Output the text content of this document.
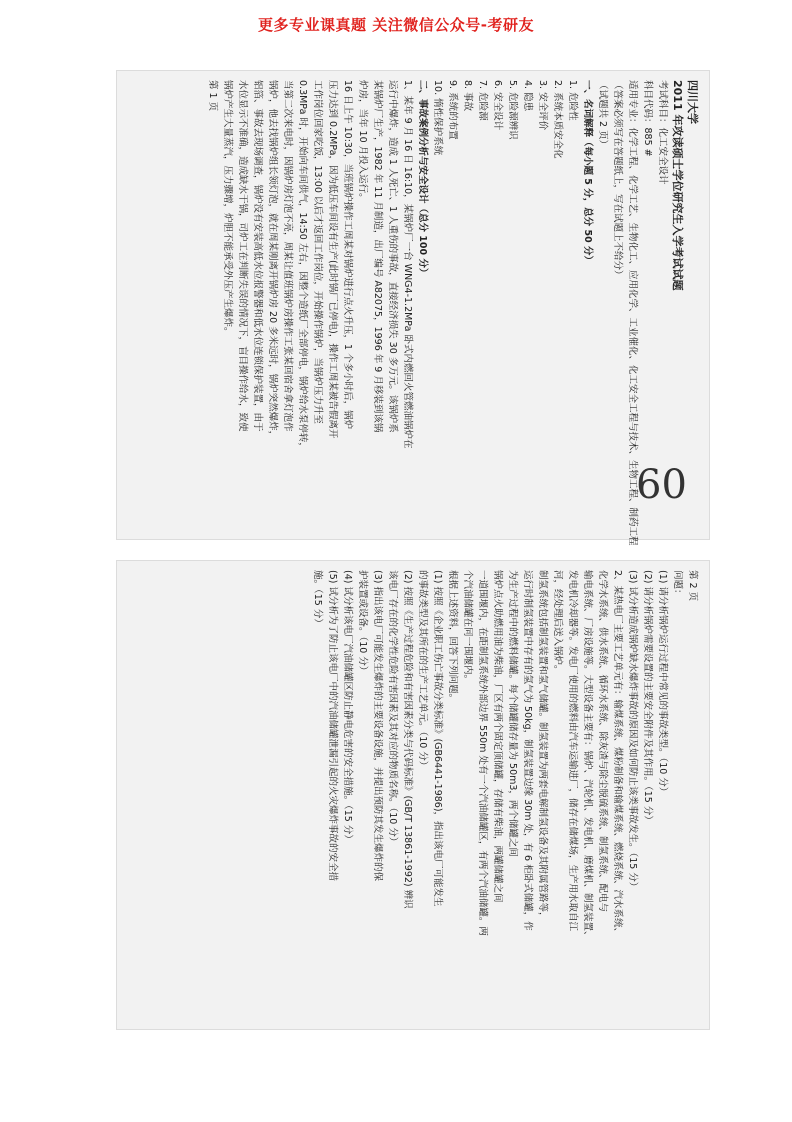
更多专业课真题 关注微信公众号-考研友
60
四川大学
2011 年攻读硕士学位研究生入学考试试题
考试科目：化工安全设计
科目代码：885 #
适用专业：化学工程、化学工艺、生物化工、应用化学、工业催化、化工安全工程与技术、生物工程、制药工程
（答案必须写在答题纸上，写在试题上不给分）
（试题共 2 页）
一、名词解释（每小题 5 分，总分 50 分）
1. 危险性
2. 系统本质安全化
3. 安全评价
4. 隐患
5. 危险源辨识
6. 安全设计
7. 危险源
8. 事故
9. 系统的布置
10. 惰性保护系统
二、事故案例分析与安全设计（总分 100 分）
1、某年 9 月 16 日 16:10，某锅炉厂一台 WNG4-1.2MPa 卧式内燃回火管燃油锅炉在
运行中爆炸，造成 1 人死亡、1 人重伤的事故，直接经济损失 30 多万元。该锅炉系
某锅炉厂生产，1982 年 11 月制造，出厂编号 A82075，1996 年 9 月移装到该锅
炉房，当年 10 月投入运行。
16 日上午 10:30，当班锅炉操作工周某对锅炉进行点火升压，1 个多小时后，锅炉
压力达到 0.2MPa，因为低压车间设有生产(此时锅厂已停电)，操作工周某被告假离开
工作岗位回家吃饭，13:00 以后才返回工作岗位，开始操作锅炉，当锅炉压力升至
0.3MPa 时，开始向车间供气，14:50 左右，因整个造纸厂全部停电，锅炉给水泵停转，
当第二次来电时，因锅炉房灯泡不亮，周某让值班锅炉房操作工张某回宿舍拿灯泡作
锅炉，他去找锅炉组长领灯泡，就在周某刚离开锅炉房 20 多米远时，锅炉突然爆炸，
铝箔、事故去现场调查，锅炉没有安装高低水位报警器和低水位连锁保护装置，由于
水位显示不准确，造成缺水干锅，司炉工在判断失误的情况下，盲目操作给水，致使
锅炉产生大量蒸汽，压力骤增，炉胆不能承受外压产生爆炸。
第 1 页
第 2 页
问题：
(1) 请分析锅炉运行过程中常见的事故类型。（10 分）
(2) 请分析锅炉需要设置的主要安全附件及其作用。（15 分）
(3) 试分析造成锅炉缺水爆炸事故的原因及如何防止该类事故发生。（15 分）
2、某热电厂主要工艺单元有：输煤系统、煤粉制备和输煤系统、燃烧系统、汽水系统、
化学水系统、供水系统、循环水系统、除灰渣与除尘脱硫系统、制氢系统、配电与
输电系统、厂房设施等。大型设备主要有：锅炉、汽轮机、发电机、磨煤机、制氢装置、
发电机冷却器等。发电厂使用的燃料由汽车运输进厂，储存在储煤场，生产用水取自江
河，经处理后送入锅炉。
制氢系统包括制氢装置和氢气储罐。制氢装置为两套电解制氢设备及其附属管路等，
运行时制氢装置中存有的氢气为 50kg，制氢装置边缘 30m 处，有 6 柜卧式储罐，作
为生产过程中的燃料储罐。每个储罐储存量为 50m3，两个储罐之间
锅炉点火助燃用油为柴油，厂区有两个固定顶储罐，存储有柴油，两罐储罐之间
一道围堰内，在距制氢系统外部边界 550m 处有一个汽油储罐区，有两个汽油储罐。两
个汽油储罐在同一围堰内。
根据上述资料，回答下列问题。
(1) 按照《企业职工伤亡事故分类标准》(GB6441-1986)，指出该电厂可能发生
的事故类型及其所在的生产工艺单元。（10 分）
(2) 按照《生产过程危险和有害因素分类与代码标准》(GB/T 13861-1992) 辨识
该电厂存在的化学性危险有害因素及其对应的物质名称。（10 分）
(3) 指出该电厂可能发生爆炸的主要设备设施，并提出预防其发生爆炸的保
护装置或设备。（10 分）
(4) 试分析该电厂汽油储罐区防止静电危害的安全措施。（15 分）
(5) 试分析为了防止该电厂中的汽油储罐泄漏引起的火灾爆炸事故的安全措
施。（15 分）
